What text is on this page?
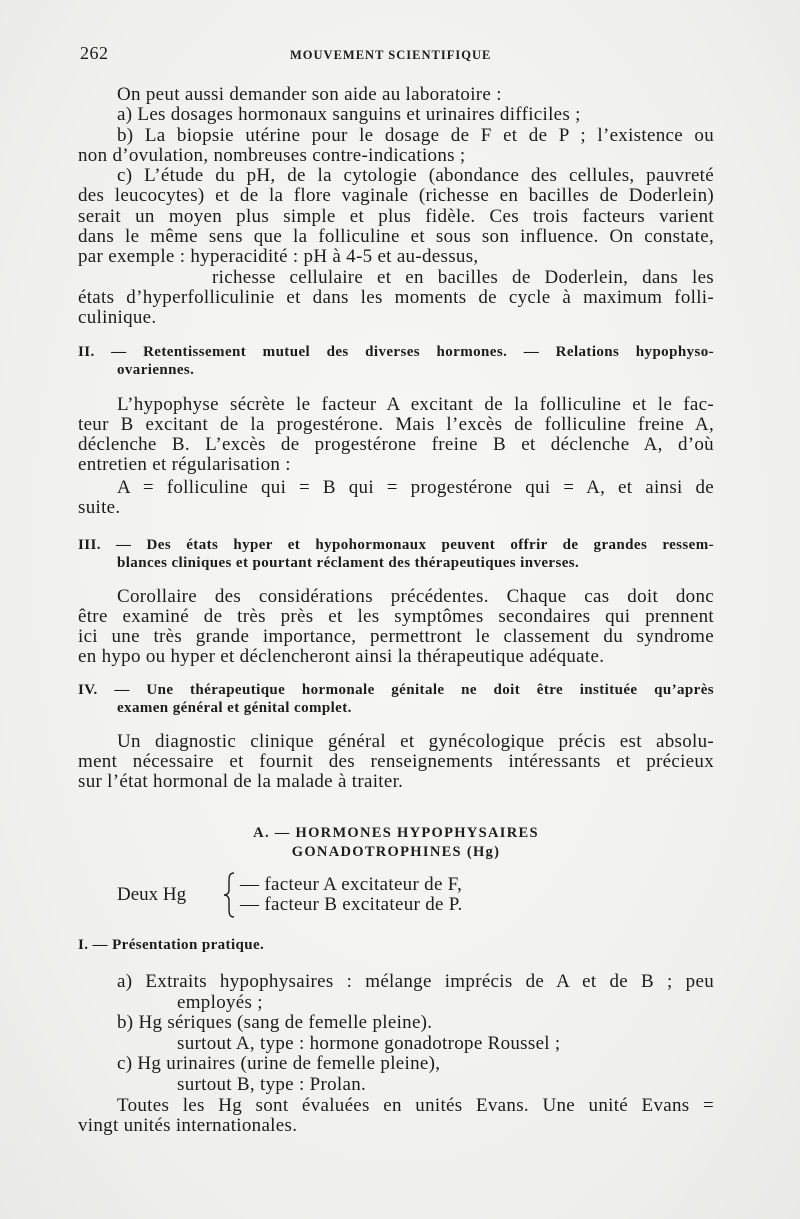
262	MOUVEMENT SCIENTIFIQUE
On peut aussi demander son aide au laboratoire :
a) Les dosages hormonaux sanguins et urinaires difficiles ;
b) La biopsie utérine pour le dosage de F et de P ; l’existence ou
non d’ovulation, nombreuses contre-indications ;
c) L’étude du pH, de la cytologie (abondance des cellules, pauvreté
des leucocytes) et de la flore vaginale (richesse en bacilles de Doderlein)
serait un moyen plus simple et plus fidèle. Ces trois facteurs varient
dans le même sens que la folliculine et sous son influence. On constate,
par exemple : hyperacidité : pH à 4-5 et au-dessus,
richesse cellulaire et en bacilles de Doderlein, dans les
états d’hyperfolliculinie et dans les moments de cycle à maximum folli-
culinique.
II. — Retentissement mutuel des diverses hormones. — Relations hypophyso-
ovariennes.
L’hypophyse sécrète le facteur A excitant de la folliculine et le fac-
teur B excitant de la progestérone. Mais l’excès de folliculine freine A,
déclenche B. L’excès de progestérone freine B et déclenche A, d’où
entretien et régularisation :
A = folliculine qui = B qui = progestérone qui = A, et ainsi de
suite.
III. — Des états hyper et hypohormonaux peuvent offrir de grandes ressem-
blances cliniques et pourtant réclament des thérapeutiques inverses.
Corollaire des considérations précédentes. Chaque cas doit donc
être examiné de très près et les symptômes secondaires qui prennent
ici une très grande importance, permettront le classement du syndrome
en hypo ou hyper et déclencheront ainsi la thérapeutique adéquate.
IV. — Une thérapeutique hormonale génitale ne doit être instituée qu’après
examen général et génital complet.
Un diagnostic clinique général et gynécologique précis est absolu-
ment nécessaire et fournit des renseignements intéressants et précieux
sur l’état hormonal de la malade à traiter.
A. — HORMONES HYPOPHYSAIRES
GONADOTROPHINES (Hg)
Deux Hg	— facteur A excitateur de F,
— facteur B excitateur de P.
I. — Présentation pratique.
a) Extraits hypophysaires : mélange imprécis de A et de B ; peu
employés ;
b) Hg sériques (sang de femelle pleine).
surtout A, type : hormone gonadotrope Roussel ;
c) Hg urinaires (urine de femelle pleine),
surtout B, type : Prolan.
Toutes les Hg sont évaluées en unités Evans. Une unité Evans =
vingt unités internationales.
